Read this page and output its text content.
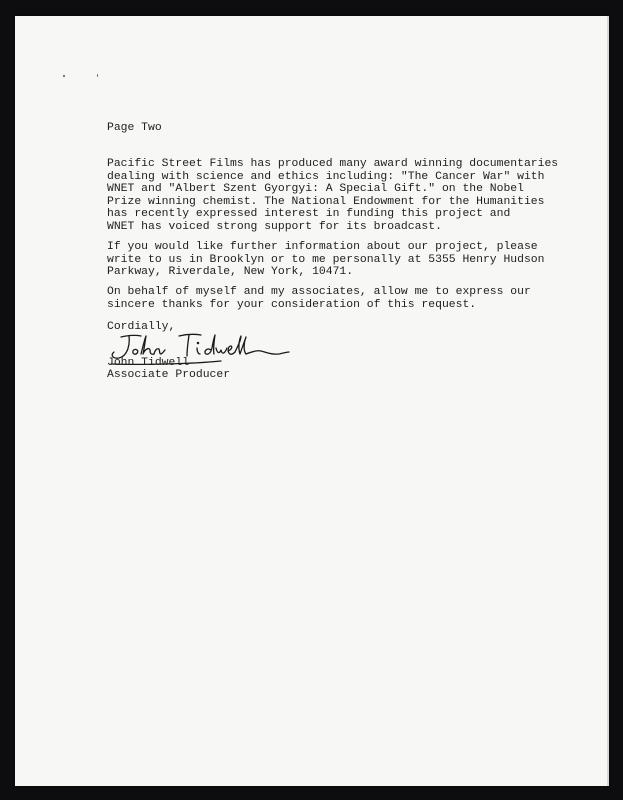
Page Two

Pacific Street Films has produced many award winning documentaries
dealing with science and ethics including: "The Cancer War" with
WNET and "Albert Szent Gyorgyi: A Special Gift." on the Nobel
Prize winning chemist. The National Endowment for the Humanities
has recently expressed interest in funding this project and
WNET has voiced strong support for its broadcast.

If you would like further information about our project, please
write to us in Brooklyn or to me personally at 5355 Henry Hudson
Parkway, Riverdale, New York, 10471.

On behalf of myself and my associates, allow me to express our
sincere thanks for your consideration of this request.

Cordially,

John Tidwell

Associate Producer
